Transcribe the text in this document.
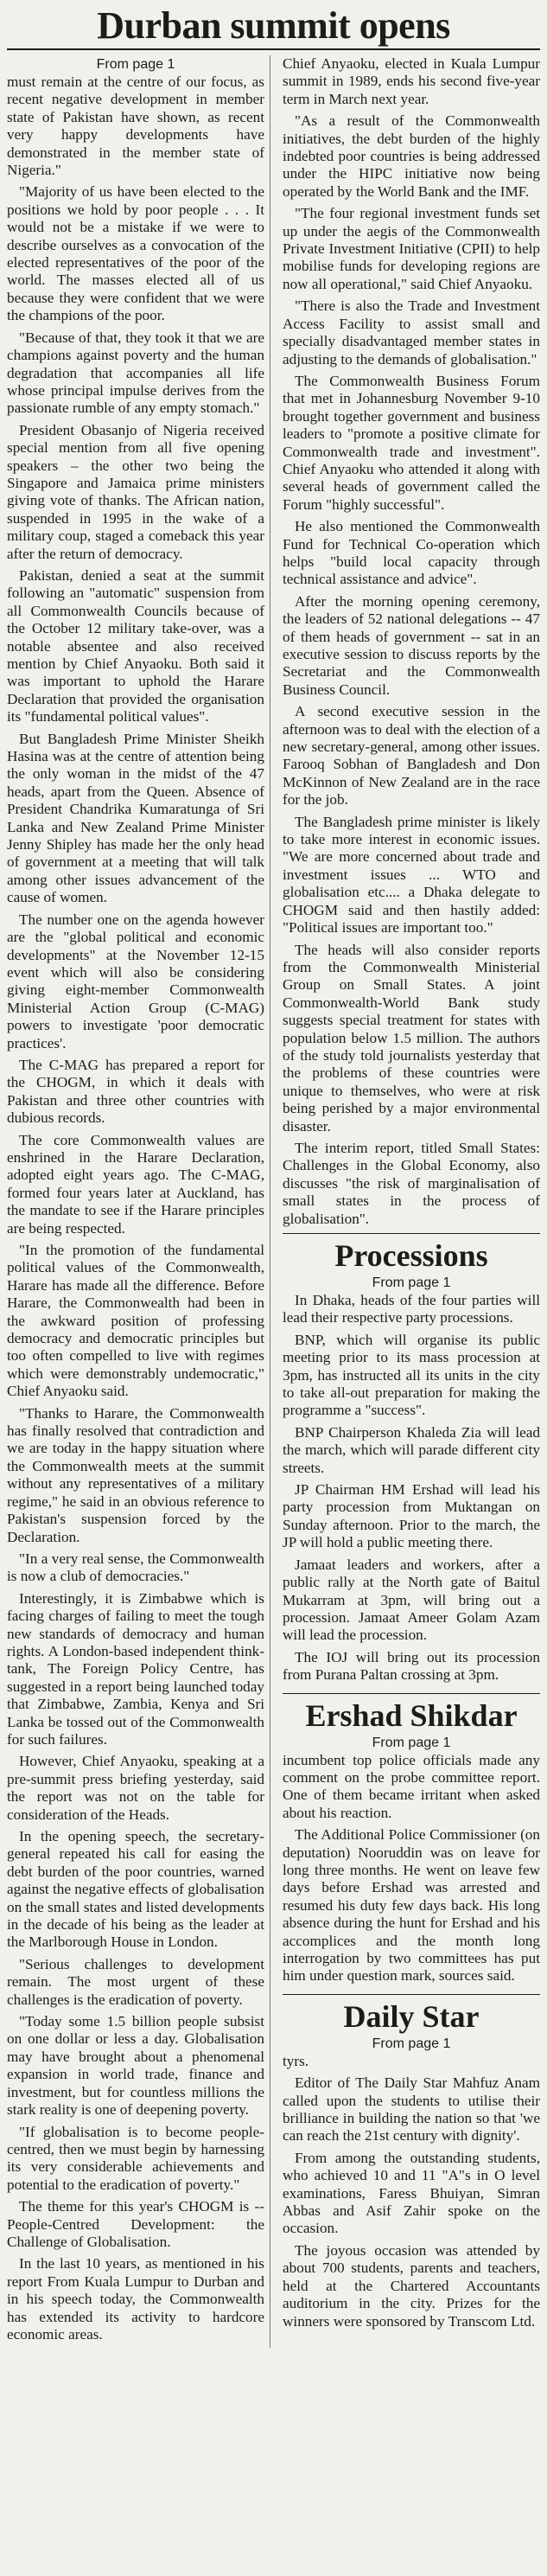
Durban summit opens
From page 1

must remain at the centre of our focus, as recent negative development in member state of Pakistan have shown, as recent very happy developments have demonstrated in the member state of Nigeria."

"Majority of us have been elected to the positions we hold by poor people . . . It would not be a mistake if we were to describe ourselves as a convocation of the elected representatives of the poor of the world. The masses elected all of us because they were confident that we were the champions of the poor.

"Because of that, they took it that we are champions against poverty and the human degradation that accompanies all life whose principal impulse derives from the passionate rumble of any empty stomach."

President Obasanjo of Nigeria received special mention from all five opening speakers – the other two being the Singapore and Jamaica prime ministers giving vote of thanks. The African nation, suspended in 1995 in the wake of a military coup, staged a comeback this year after the return of democracy.

Pakistan, denied a seat at the summit following an "automatic" suspension from all Commonwealth Councils because of the October 12 military take-over, was a notable absentee and also received mention by Chief Anyaoku. Both said it was important to uphold the Harare Declaration that provided the organisation its "fundamental political values".

But Bangladesh Prime Minister Sheikh Hasina was at the centre of attention being the only woman in the midst of the 47 heads, apart from the Queen. Absence of President Chandrika Kumaratunga of Sri Lanka and New Zealand Prime Minister Jenny Shipley has made her the only head of government at a meeting that will talk among other issues advancement of the cause of women.

The number one on the agenda however are the "global political and economic developments" at the November 12-15 event which will also be considering giving eight-member Commonwealth Ministerial Action Group (C-MAG) powers to investigate 'poor democratic practices'.

The C-MAG has prepared a report for the CHOGM, in which it deals with Pakistan and three other countries with dubious records.

The core Commonwealth values are enshrined in the Harare Declaration, adopted eight years ago. The C-MAG, formed four years later at Auckland, has the mandate to see if the Harare principles are being respected.

"In the promotion of the fundamental political values of the Commonwealth, Harare has made all the difference. Before Harare, the Commonwealth had been in the awkward position of professing democracy and democratic principles but too often compelled to live with regimes which were demonstrably undemocratic," Chief Anyaoku said.

"Thanks to Harare, the Commonwealth has finally resolved that contradiction and we are today in the happy situation where the Commonwealth meets at the summit without any representatives of a military regime," he said in an obvious reference to Pakistan's suspension forced by the Declaration.

"In a very real sense, the Commonwealth is now a club of democracies."

Interestingly, it is Zimbabwe which is facing charges of failing to meet the tough new standards of democracy and human rights. A London-based independent think-tank, The Foreign Policy Centre, has suggested in a report being launched today that Zimbabwe, Zambia, Kenya and Sri Lanka be tossed out of the Commonwealth for such failures.

However, Chief Anyaoku, speaking at a pre-summit press briefing yesterday, said the report was not on the table for consideration of the Heads.

In the opening speech, the secretary-general repeated his call for easing the debt burden of the poor countries, warned against the negative effects of globalisation on the small states and listed developments in the decade of his being as the leader at the Marlborough House in London.

"Serious challenges to development remain. The most urgent of these challenges is the eradication of poverty.

"Today some 1.5 billion people subsist on one dollar or less a day. Globalisation may have brought about a phenomenal expansion in world trade, finance and investment, but for countless millions the stark reality is one of deepening poverty.

"If globalisation is to become people-centred, then we must begin by harnessing its very considerable achievements and potential to the eradication of poverty."

The theme for this year's CHOGM is -- People-Centred Development: the Challenge of Globalisation.

In the last 10 years, as mentioned in his report From Kuala Lumpur to Durban and in his speech today, the Commonwealth has extended its activity to hardcore economic areas.

Chief Anyaoku, elected in Kuala Lumpur summit in 1989, ends his second five-year term in March next year.

"As a result of the Commonwealth initiatives, the debt burden of the highly indebted poor countries is being addressed under the HIPC initiative now being operated by the World Bank and the IMF.

"The four regional investment funds set up under the aegis of the Commonwealth Private Investment Initiative (CPII) to help mobilise funds for developing regions are now all operational," said Chief Anyaoku.

"There is also the Trade and Investment Access Facility to assist small and specially disadvantaged member states in adjusting to the demands of globalisation."

The Commonwealth Business Forum that met in Johannesburg November 9-10 brought together government and business leaders to "promote a positive climate for Commonwealth trade and investment". Chief Anyaoku who attended it along with several heads of government called the Forum "highly successful".

He also mentioned the Commonwealth Fund for Technical Co-operation which helps "build local capacity through technical assistance and advice".

After the morning opening ceremony, the leaders of 52 national delegations -- 47 of them heads of government -- sat in an executive session to discuss reports by the Secretariat and the Commonwealth Business Council.

A second executive session in the afternoon was to deal with the election of a new secretary-general, among other issues. Farooq Sobhan of Bangladesh and Don McKinnon of New Zealand are in the race for the job.

The Bangladesh prime minister is likely to take more interest in economic issues. "We are more concerned about trade and investment issues ... WTO and globalisation etc.... a Dhaka delegate to CHOGM said and then hastily added: "Political issues are important too."

The heads will also consider reports from the Commonwealth Ministerial Group on Small States. A joint Commonwealth-World Bank study suggests special treatment for states with population below 1.5 million. The authors of the study told journalists yesterday that the problems of these countries were unique to themselves, who were at risk being perished by a major environmental disaster.

The interim report, titled Small States: Challenges in the Global Economy, also discusses "the risk of marginalisation of small states in the process of globalisation".

Processions
From page 1

In Dhaka, heads of the four parties will lead their respective party processions.

BNP, which will organise its public meeting prior to its mass procession at 3pm, has instructed all its units in the city to take all-out preparation for making the programme a "success".

BNP Chairperson Khaleda Zia will lead the march, which will parade different city streets.

JP Chairman HM Ershad will lead his party procession from Muktangan on Sunday afternoon. Prior to the march, the JP will hold a public meeting there.

Jamaat leaders and workers, after a public rally at the North gate of Baitul Mukarram at 3pm, will bring out a procession. Jamaat Ameer Golam Azam will lead the procession.

The IOJ will bring out its procession from Purana Paltan crossing at 3pm.

Ershad Shikdar
From page 1

incumbent top police officials made any comment on the probe committee report. One of them became irritant when asked about his reaction.

The Additional Police Commissioner (on deputation) Nooruddin was on leave for long three months. He went on leave few days before Ershad was arrested and resumed his duty few days back. His long absence during the hunt for Ershad and his accomplices and the month long interrogation by two committees has put him under question mark, sources said.

Daily Star
From page 1

tyrs.

Editor of The Daily Star Mahfuz Anam called upon the students to utilise their brilliance in building the nation so that 'we can reach the 21st century with dignity'.

From among the outstanding students, who achieved 10 and 11 "A"s in O level examinations, Faress Bhuiyan, Simran Abbas and Asif Zahir spoke on the occasion.

The joyous occasion was attended by about 700 students, parents and teachers, held at the Chartered Accountants auditorium in the city. Prizes for the winners were sponsored by Transcom Ltd.
